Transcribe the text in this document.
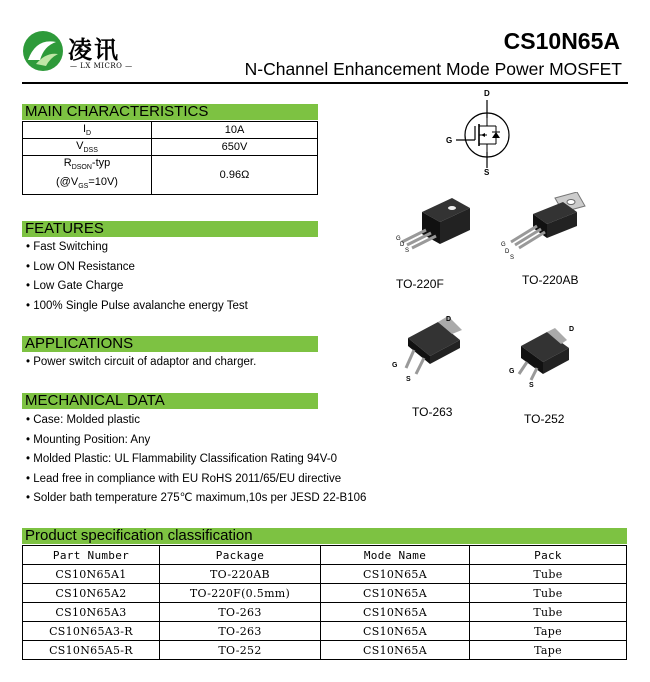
凌讯
— LX MICRO —
CS10N65A
N-Channel Enhancement Mode Power MOSFET
MAIN CHARACTERISTICS
$I_D$	10A
$V_{DSS}$	650V
$R_{DSON}$-typ
$(@V_{GS}=10V)$	0.96Ω
FEATURES
• Fast Switching
• Low ON Resistance
• Low Gate Charge
• 100% Single Pulse avalanche energy Test
APPLICATIONS
• Power switch circuit of adaptor and charger.
MECHANICAL DATA
• Case: Molded plastic
• Mounting Position: Any
• Molded Plastic: UL Flammability Classification Rating 94V-0
• Lead free in compliance with EU RoHS 2011/65/EU directive
• Solder bath temperature 275℃ maximum,10s per JESD 22-B106
D
G
S
G
D
S
TO-220F
G
D
S
TO-220AB
D
G
S
TO-263
D
G
S
TO-252
Product specification classification
Part Number	Package	Mode Name	Pack
CS10N65A1	TO-220AB	CS10N65A	Tube
CS10N65A2	TO-220F(0.5mm)	CS10N65A	Tube
CS10N65A3	TO-263	CS10N65A	Tube
CS10N65A3-R	TO-263	CS10N65A	Tape
CS10N65A5-R	TO-252	CS10N65A	Tape
